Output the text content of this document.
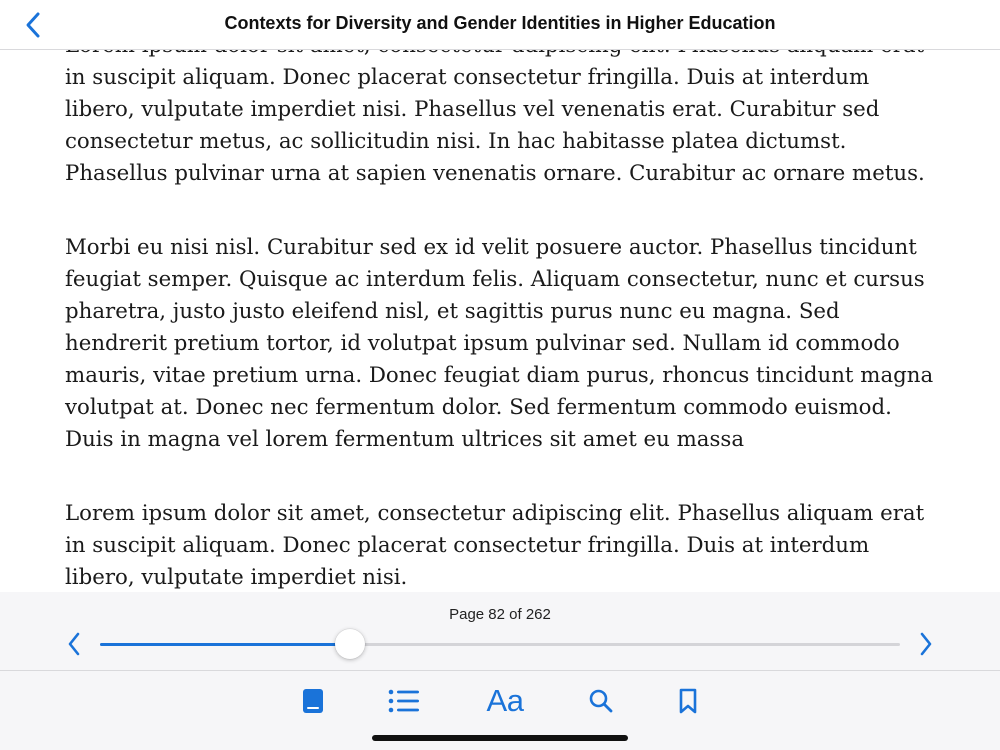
Contexts for Diversity and Gender Identities in Higher Education

in suscipit aliquam. Donec placerat consectetur fringilla. Duis at interdum libero, vulputate imperdiet nisi. Phasellus vel venenatis erat. Curabitur sed consectetur metus, ac sollicitudin nisi. In hac habitasse platea dictumst. Phasellus pulvinar urna at sapien venenatis ornare. Curabitur ac ornare metus.

Morbi eu nisi nisl. Curabitur sed ex id velit posuere auctor. Phasellus tincidunt feugiat semper. Quisque ac interdum felis. Aliquam consectetur, nunc et cursus pharetra, justo justo eleifend nisl, et sagittis purus nunc eu magna. Sed hendrerit pretium tortor, id volutpat ipsum pulvinar sed. Nullam id commodo mauris, vitae pretium urna. Donec feugiat diam purus, rhoncus tincidunt magna volutpat at. Donec nec fermentum dolor. Sed fermentum commodo euismod. Duis in magna vel lorem fermentum ultrices sit amet eu massa

Lorem ipsum dolor sit amet, consectetur adipiscing elit. Phasellus aliquam erat in suscipit aliquam. Donec placerat consectetur fringilla. Duis at interdum libero, vulputate imperdiet nisi.

Page 82 of 262
Aa
